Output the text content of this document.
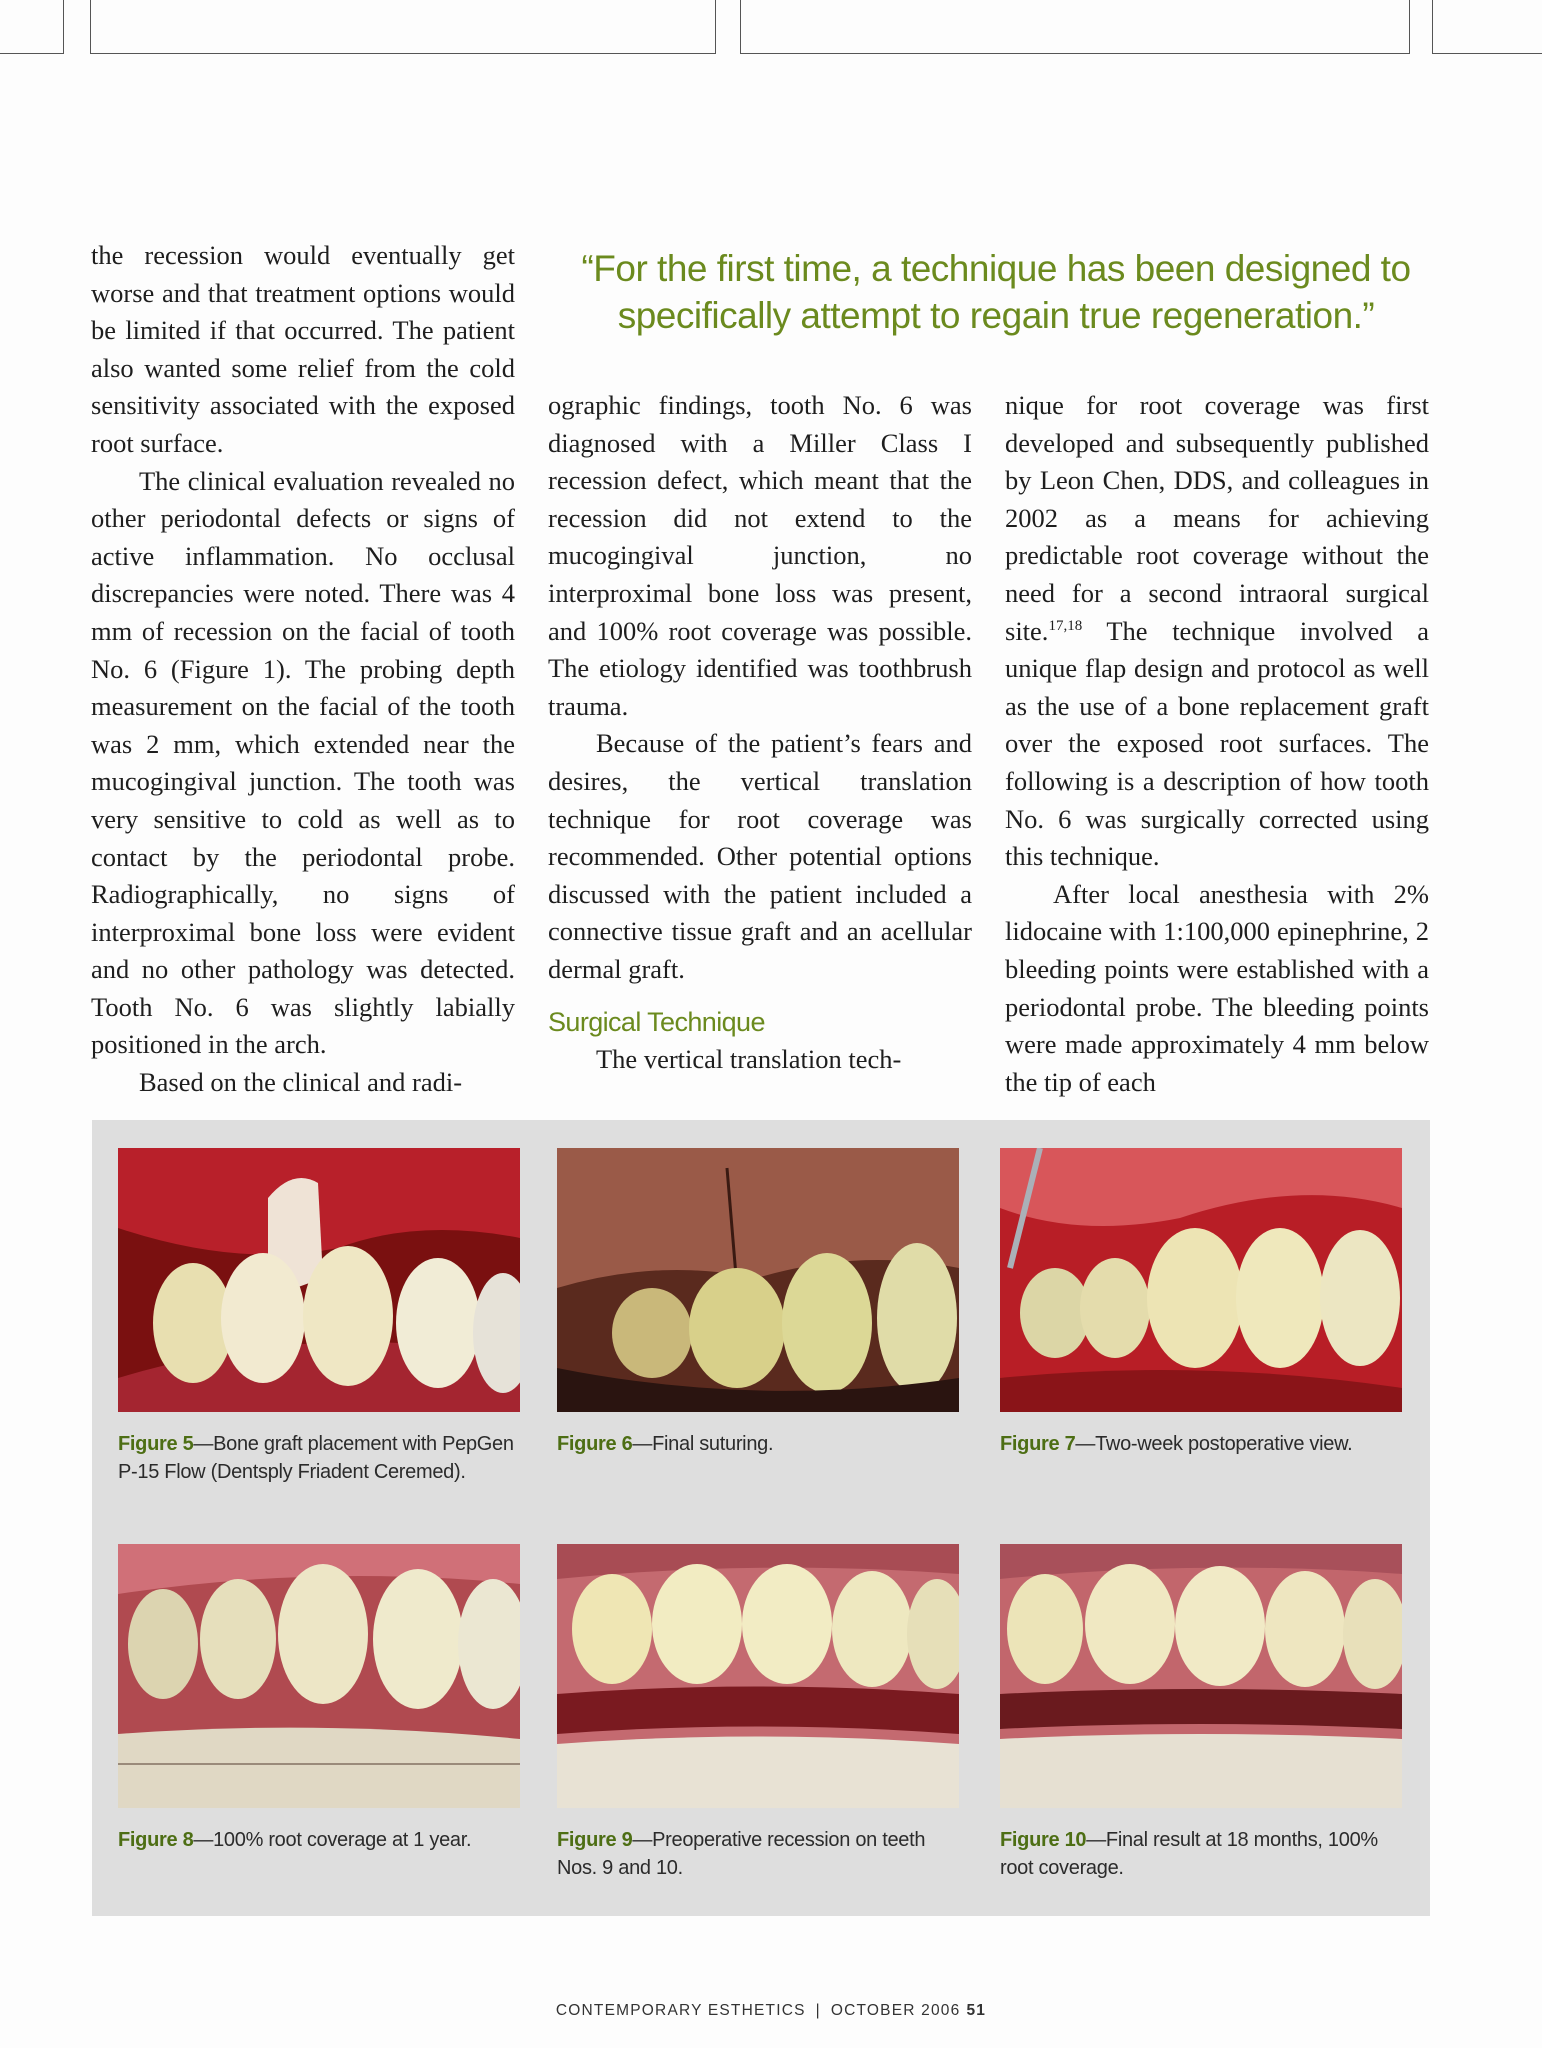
“For the first time, a technique has been designed to
specifically attempt to regain true regeneration.”

the recession would eventually get worse and that treatment options would be limited if that occurred. The patient also wanted some relief from the cold sensitivity associated with the exposed root surface.

The clinical evaluation revealed no other periodontal defects or signs of active inflammation. No occlusal discrepancies were noted. There was 4 mm of recession on the facial of tooth No. 6 (Figure 1). The probing depth measurement on the facial of the tooth was 2 mm, which extended near the mucogingival junction. The tooth was very sensitive to cold as well as to contact by the periodontal probe. Radiographically, no signs of interproximal bone loss were evident and no other pathology was detected. Tooth No. 6 was slightly labially positioned in the arch.

Based on the clinical and radi-

ographic findings, tooth No. 6 was diagnosed with a Miller Class I recession defect, which meant that the recession did not extend to the mucogingival junction, no interproximal bone loss was present, and 100% root coverage was possible. The etiology identified was toothbrush trauma.

Because of the patient’s fears and desires, the vertical translation technique for root coverage was recommended. Other potential options discussed with the patient included a connective tissue graft and an acellular dermal graft.

Surgical Technique

The vertical translation tech-

nique for root coverage was first developed and subsequently published by Leon Chen, DDS, and colleagues in 2002 as a means for achieving predictable root coverage without the need for a second intraoral surgical site.$^{17,18}$ The technique involved a unique flap design and protocol as well as the use of a bone replacement graft over the exposed root surfaces. The following is a description of how tooth No. 6 was surgically corrected using this technique.

After local anesthesia with 2% lidocaine with 1:100,000 epinephrine, 2 bleeding points were established with a periodontal probe. The bleeding points were made approximately 4 mm below the tip of each

Figure 5—Bone graft placement with PepGen P-15 Flow (Dentsply Friadent Ceremed).
Figure 6—Final suturing.	Figure 7—Two-week postoperative view.
Figure 8—100% root coverage at 1 year.	Figure 9—Preoperative recession on teeth Nos. 9 and 10.
Figure 10—Final result at 18 months, 100% root coverage.
CONTEMPORARY ESTHETICS | OCTOBER 2006 51
